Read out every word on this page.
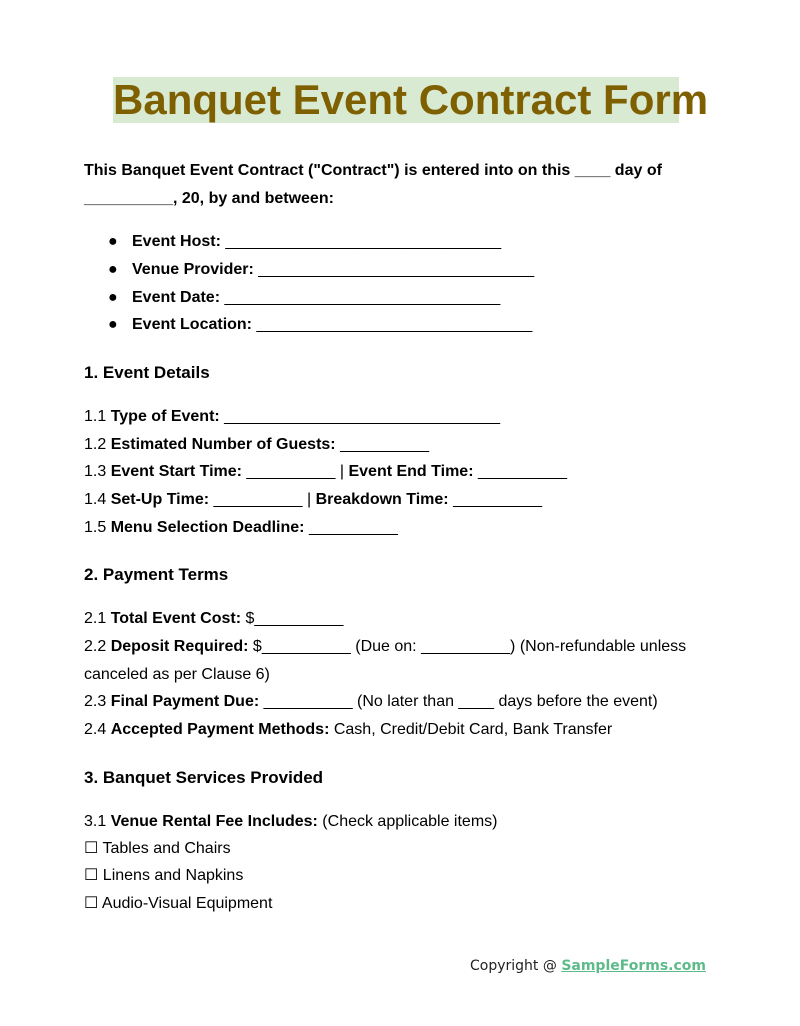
Banquet Event Contract Form
This Banquet Event Contract ("Contract") is entered into on this ____ day of
__________, 20, by and between:
● Event Host: _______________________________
● Venue Provider: _______________________________
● Event Date: _______________________________
● Event Location: _______________________________
1. Event Details
1.1 Type of Event: _______________________________
1.2 Estimated Number of Guests: __________
1.3 Event Start Time: __________ | Event End Time: __________
1.4 Set-Up Time: __________ | Breakdown Time: __________
1.5 Menu Selection Deadline: __________
2. Payment Terms
2.1 Total Event Cost: $__________
2.2 Deposit Required: $__________ (Due on: __________) (Non-refundable unless
canceled as per Clause 6)
2.3 Final Payment Due: __________ (No later than ____ days before the event)
2.4 Accepted Payment Methods: Cash, Credit/Debit Card, Bank Transfer
3. Banquet Services Provided
3.1 Venue Rental Fee Includes: (Check applicable items)
☐ Tables and Chairs
☐ Linens and Napkins
☐ Audio-Visual Equipment
Copyright @ SampleForms.com
